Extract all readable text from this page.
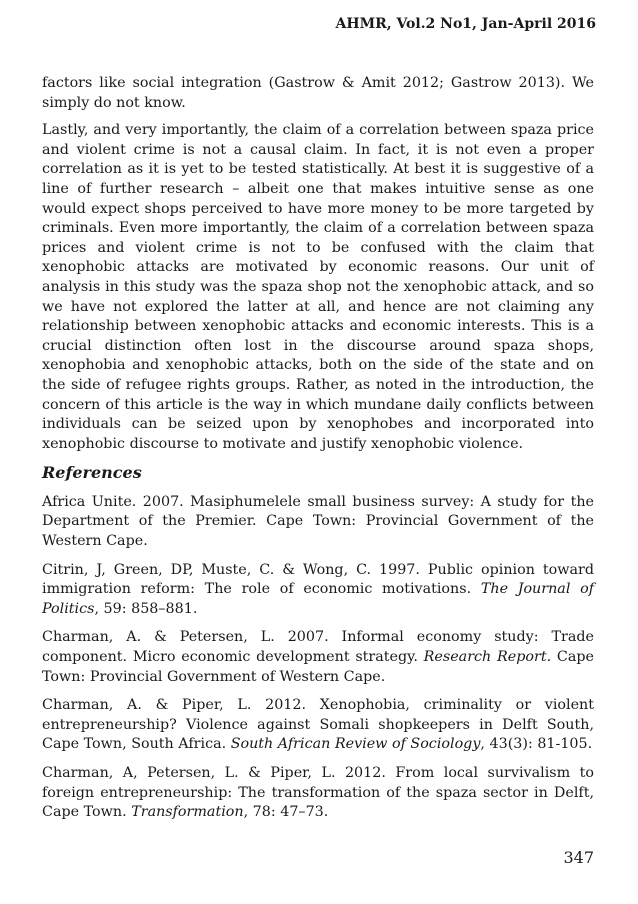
AHMR, Vol.2 No1, Jan-April 2016

factors like social integration (Gastrow & Amit 2012; Gastrow 2013). We simply do not know.

Lastly, and very importantly, the claim of a correlation between spaza price and violent crime is not a causal claim. In fact, it is not even a proper correlation as it is yet to be tested statistically. At best it is suggestive of a line of further research – albeit one that makes intuitive sense as one would expect shops perceived to have more money to be more targeted by criminals. Even more importantly, the claim of a correlation between spaza prices and violent crime is not to be confused with the claim that xenophobic attacks are motivated by economic reasons. Our unit of analysis in this study was the spaza shop not the xenophobic attack, and so we have not explored the latter at all, and hence are not claiming any relationship between xenophobic attacks and economic interests. This is a crucial distinction often lost in the discourse around spaza shops, xenophobia and xenophobic attacks, both on the side of the state and on the side of refugee rights groups. Rather, as noted in the introduction, the concern of this article is the way in which mundane daily conflicts between individuals can be seized upon by xenophobes and incorporated into xenophobic discourse to motivate and justify xenophobic violence.

References
Africa Unite. 2007. Masiphumelele small business survey: A study for the Department of the Premier. Cape Town: Provincial Government of the Western Cape.
Citrin, J, Green, DP, Muste, C. & Wong, C. 1997. Public opinion toward immigration reform: The role of economic motivations. The Journal of Politics, 59: 858–881.
Charman, A. & Petersen, L. 2007. Informal economy study: Trade component. Micro economic development strategy. Research Report. Cape Town: Provincial Government of Western Cape.
Charman, A. & Piper, L. 2012. Xenophobia, criminality or violent entrepreneurship? Violence against Somali shopkeepers in Delft South, Cape Town, South Africa. South African Review of Sociology, 43(3): 81-105.
Charman, A, Petersen, L. & Piper, L. 2012. From local survivalism to foreign entrepreneurship: The transformation of the spaza sector in Delft, Cape Town. Transformation, 78: 47–73.
347
